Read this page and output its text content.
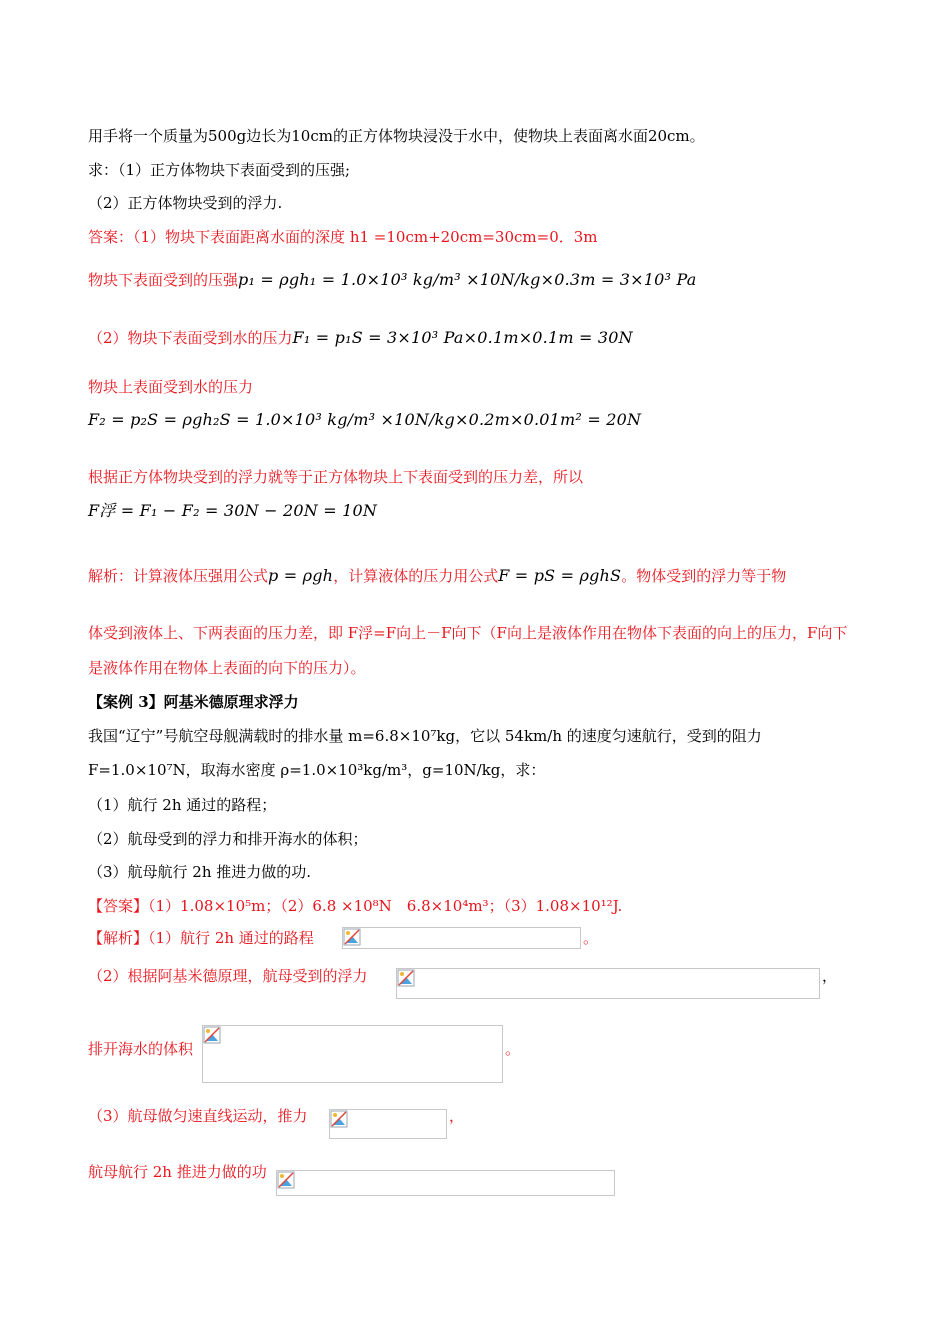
用手将一个质量为500g边长为10cm的正方体物块浸没于水中，使物块上表面离水面20cm。
求：（1）正方体物块下表面受到的压强;
（2）正方体物块受到的浮力.
答案：（1）物块下表面距离水面的深度 h1 =10cm+20cm=30cm=0．3m
物块下表面受到的压强p₁ = ρgh₁ = 1.0×10³ kg/m³ ×10N/kg×0.3m = 3×10³ Pa
（2）物块下表面受到水的压力F₁ = p₁S = 3×10³ Pa×0.1m×0.1m = 30N
物块上表面受到水的压力
F₂ = p₂S = ρgh₂S = 1.0×10³ kg/m³ ×10N/kg×0.2m×0.01m² = 20N
根据正方体物块受到的浮力就等于正方体物块上下表面受到的压力差，所以
F浮 = F₁ − F₂ = 30N − 20N = 10N
解析：计算液体压强用公式p = ρgh，计算液体的压力用公式F = pS = ρghS。物体受到的浮力等于物
体受到液体上、下两表面的压力差，即 F浮=F向上－F向下（F向上是液体作用在物体下表面的向上的压力，F向下
是液体作用在物体上表面的向下的压力）。
【案例 3】阿基米德原理求浮力
我国“辽宁”号航空母舰满载时的排水量 m=6.8×10⁷kg，它以 54km/h 的速度匀速航行，受到的阻力
F=1.0×10⁷N，取海水密度 ρ=1.0×10³kg/m³，g=10N/kg，求：
（1）航行 2h 通过的路程；
（2）航母受到的浮力和排开海水的体积；
（3）航母航行 2h 推进力做的功.
【答案】（1）1.08×10⁵m；（2）6.8 ×10⁸N　6.8×10⁴m³；（3）1.08×10¹²J.
【解析】（1）航行 2h 通过的路程	。
（2）根据阿基米德原理，航母受到的浮力	，
排开海水的体积	。
（3）航母做匀速直线运动，推力	，
航母航行 2h 推进力做的功
